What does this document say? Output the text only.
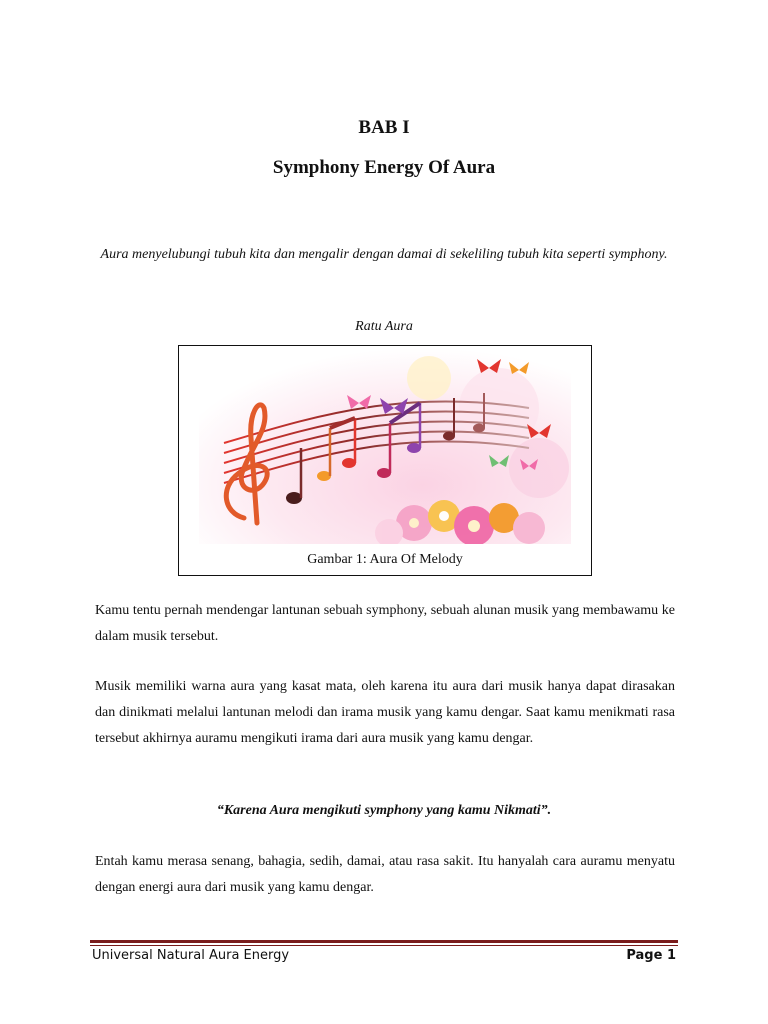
BAB I
Symphony Energy Of Aura
Aura menyelubungi tubuh kita dan mengalir dengan damai di sekeliling tubuh kita seperti symphony.
Ratu Aura
Gambar 1: Aura Of Melody

Kamu tentu pernah mendengar lantunan sebuah symphony, sebuah alunan musik yang membawamu ke dalam musik tersebut.

Musik memiliki warna aura yang kasat mata, oleh karena itu aura dari musik hanya dapat dirasakan dan dinikmati melalui lantunan melodi dan irama musik yang kamu dengar. Saat kamu menikmati rasa tersebut akhirnya auramu mengikuti irama dari aura musik yang kamu dengar.

“Karena Aura mengikuti symphony yang kamu Nikmati”.

Entah kamu merasa senang, bahagia, sedih, damai, atau rasa sakit. Itu hanyalah cara auramu menyatu dengan energi aura dari musik yang kamu dengar.

Universal Natural Aura Energy	Page 1
